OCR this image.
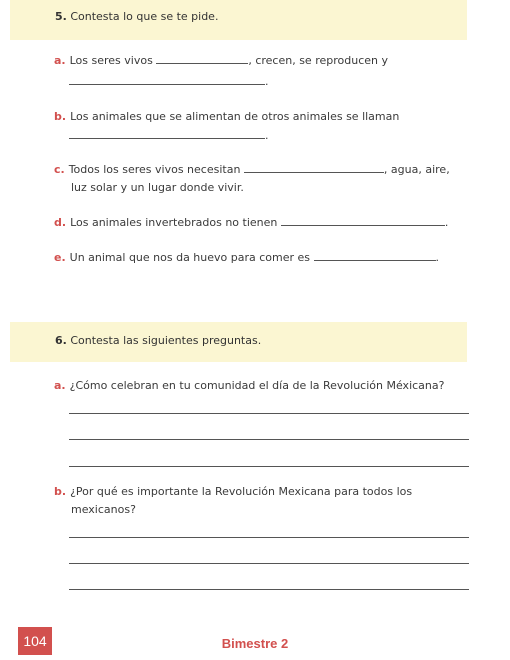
5. Contesta lo que se te pide.
a. Los seres vivos	, crecen, se reproducen y
.
b. Los animales que se alimentan de otros animales se llaman
.
c. Todos los seres vivos necesitan	, agua, aire,
luz solar y un lugar donde vivir.
d. Los animales invertebrados no tienen	.
e. Un animal que nos da huevo para comer es	.
6. Contesta las siguientes preguntas.
a. ¿Cómo celebran en tu comunidad el día de la Revolución Méxicana?
b. ¿Por qué es importante la Revolución Mexicana para todos los
mexicanos?
104	Bimestre 2
